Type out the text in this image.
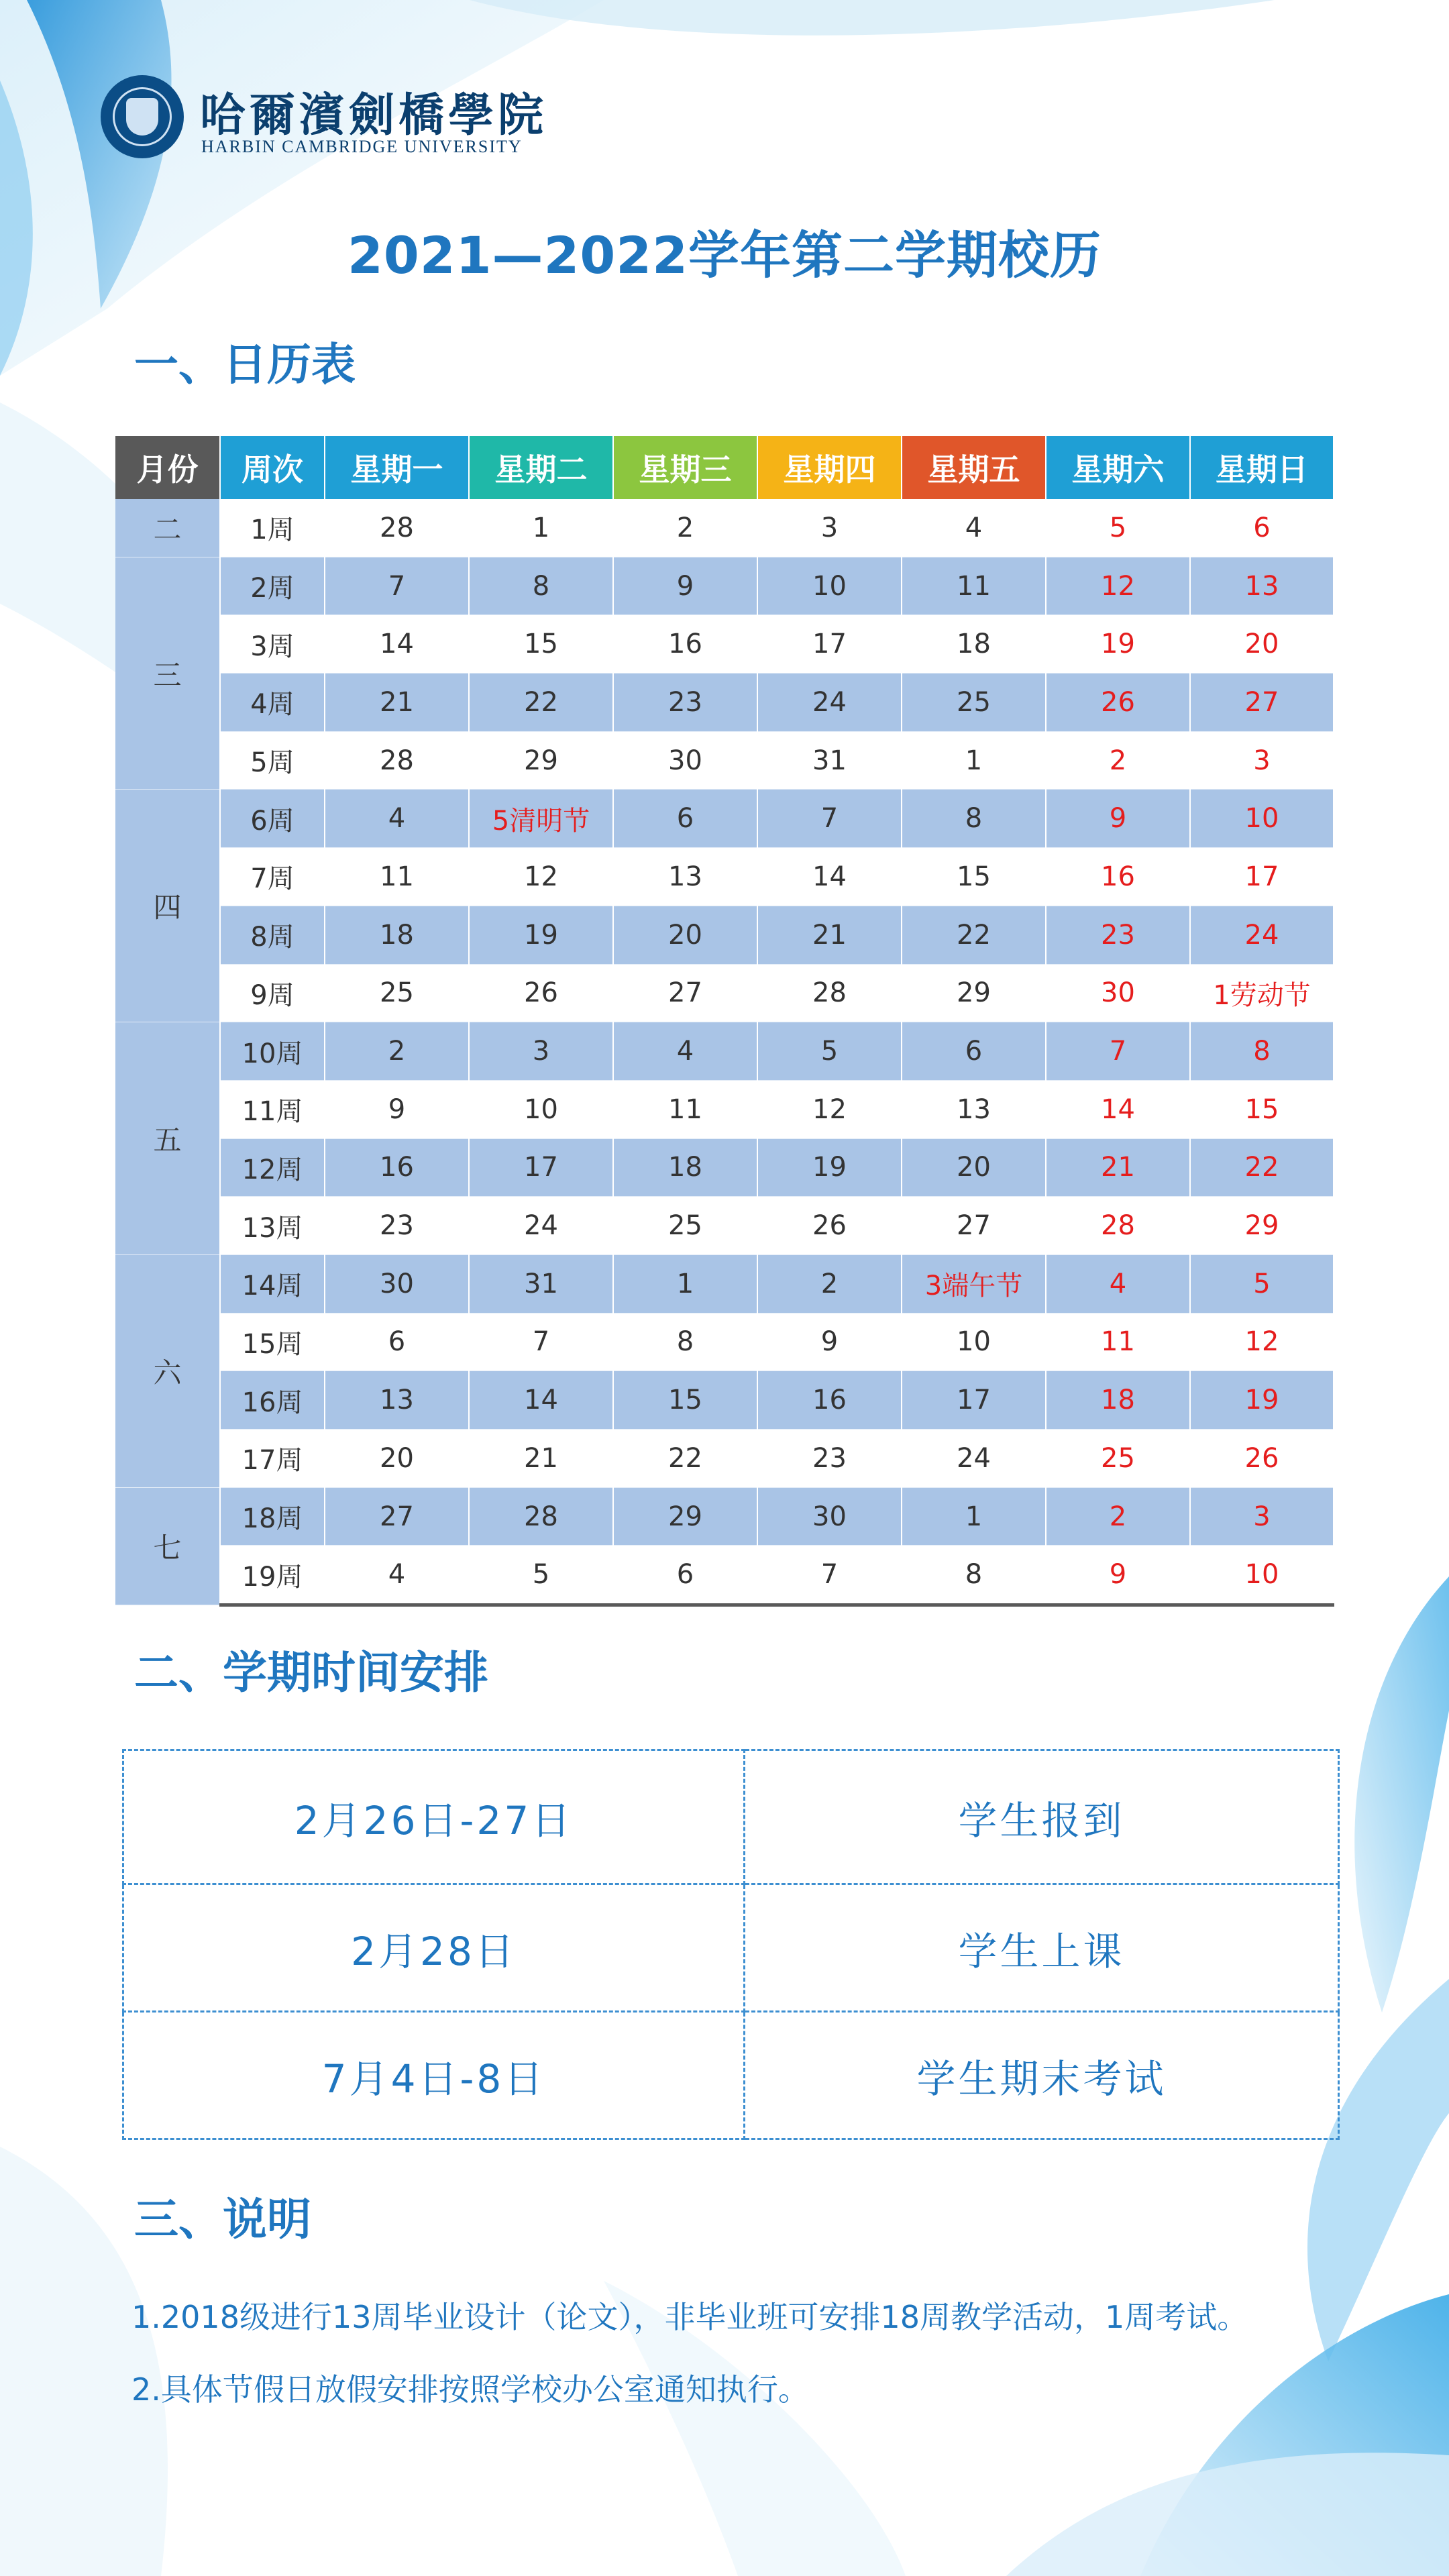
哈爾濱劍橋學院
HARBIN CAMBRIDGE UNIVERSITY
2021—2022学年第二学期校历
一、日历表
月份	周次	星期一	星期二	星期三	星期四	星期五	星期六	星期日
二	1周	28	1	2	3	4	5	6
三	2周	7	8	9	10	11	12	13
	3周	14	15	16	17	18	19	20
	4周	21	22	23	24	25	26	27
	5周	28	29	30	31	1	2	3
四	6周	4	5清明节	6	7	8	9	10
	7周	11	12	13	14	15	16	17
	8周	18	19	20	21	22	23	24
	9周	25	26	27	28	29	30	1劳动节
五	10周	2	3	4	5	6	7	8
	11周	9	10	11	12	13	14	15
	12周	16	17	18	19	20	21	22
	13周	23	24	25	26	27	28	29
六	14周	30	31	1	2	3端午节	4	5
	15周	6	7	8	9	10	11	12
	16周	13	14	15	16	17	18	19
	17周	20	21	22	23	24	25	26
七	18周	27	28	29	30	1	2	3
	19周	4	5	6	7	8	9	10
二、学期时间安排
2月26日-27日	学生报到
2月28日	学生上课
7月4日-8日	学生期末考试
三、说明
1.2018级进行13周毕业设计（论文），非毕业班可安排18周教学活动，1周考试。
2.具体节假日放假安排按照学校办公室通知执行。
